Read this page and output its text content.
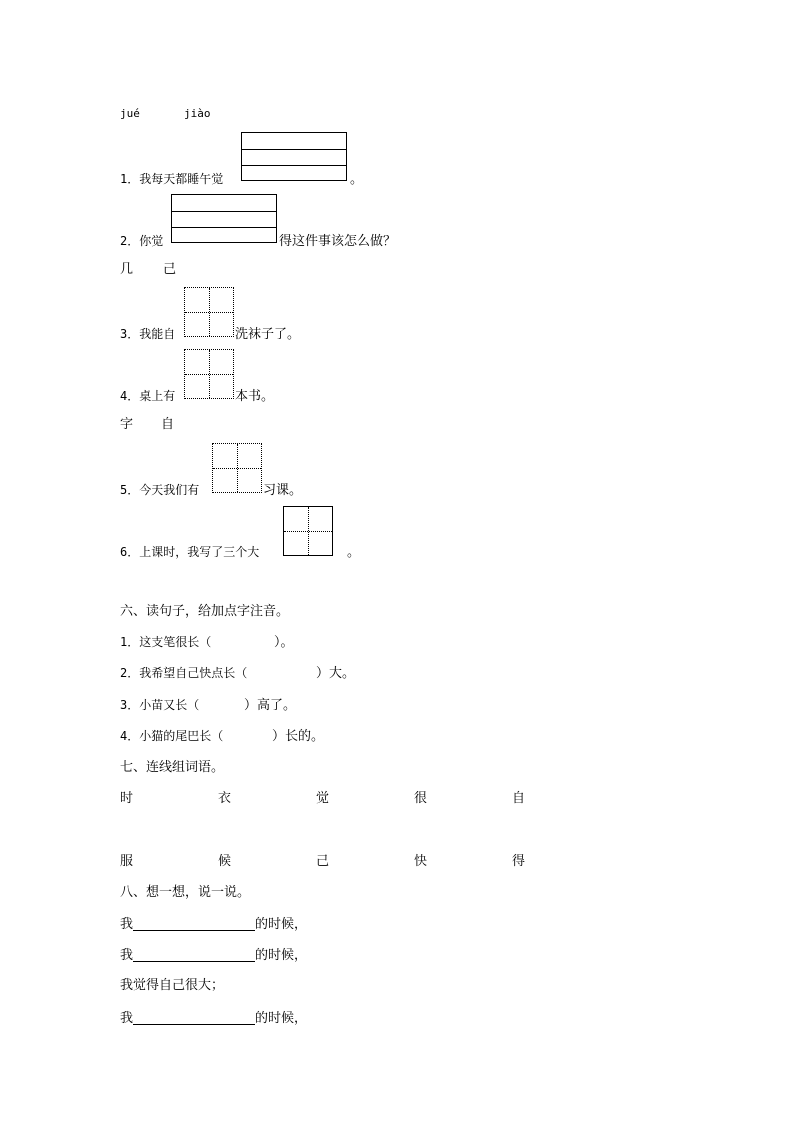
jué	jiào
1．我每天都睡午觉	。
2．你觉	得这件事该怎么做？
几 己
3．我能自	洗袜子了。
4．桌上有	本书。
字 自
5．今天我们有	习课。
6．上课时，我写了三个大	。
六、读句子，给加点字注音。
1．这支笔很长（	）。
2．我希望自己快点长（	）大。
3．小苗又长（	）高了。
4．小猫的尾巴长（	）长的。
七、连线组词语。
时	衣	觉	很	自
服	候	己	快	得
八、想一想，说一说。
我	的时候，
我	的时候，
我觉得自己很大；
我	的时候，
